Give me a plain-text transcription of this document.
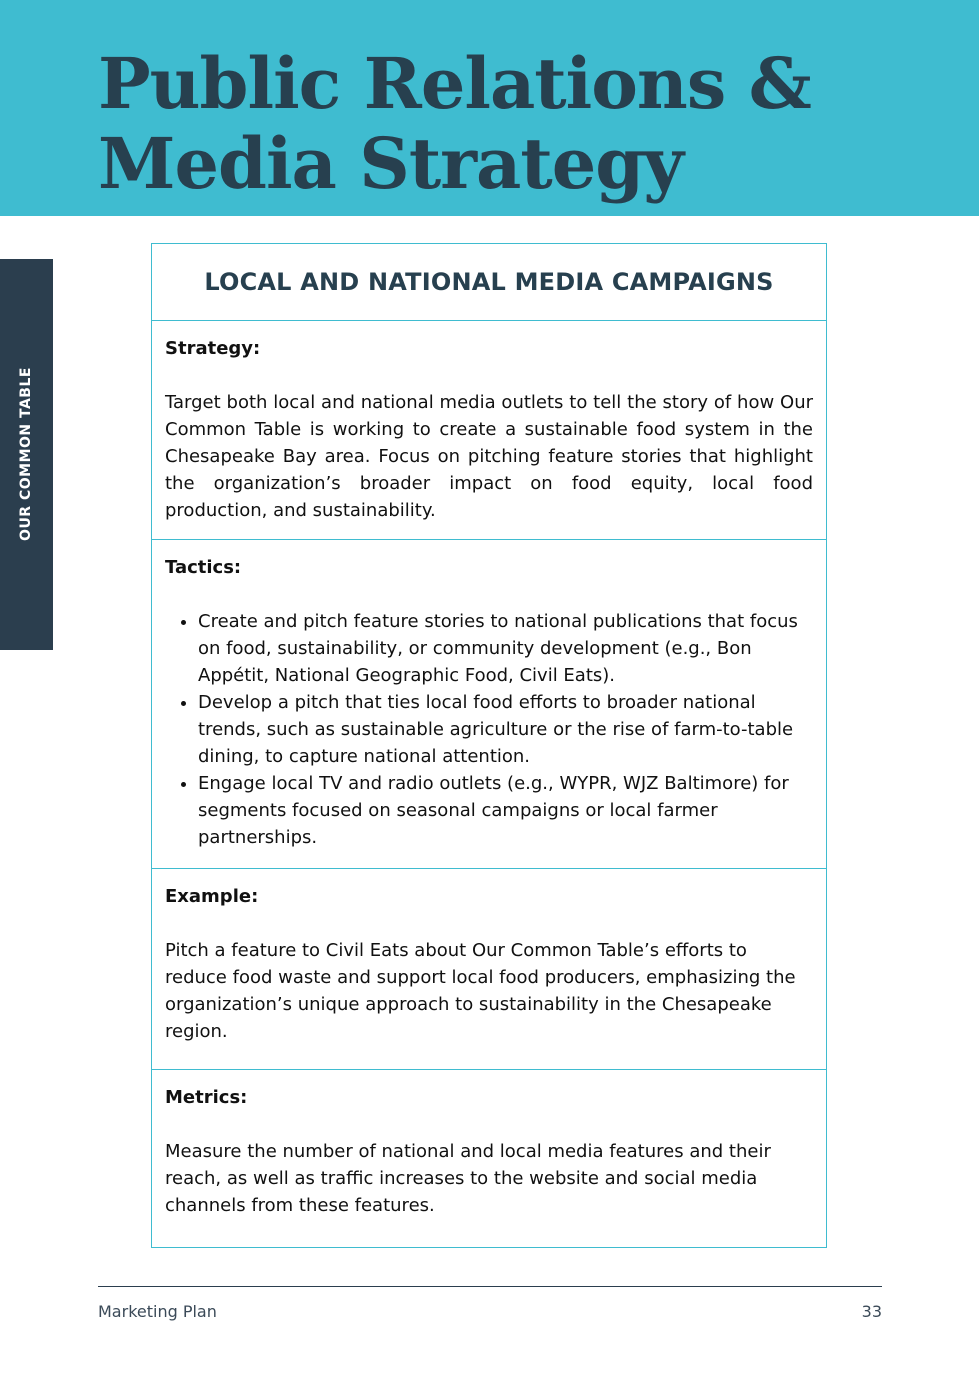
Public Relations &
Media Strategy
OUR COMMON TABLE
LOCAL AND NATIONAL MEDIA CAMPAIGNS
Strategy:
Target both local and national media outlets to tell the story of how Our Common Table is working to create a sustainable food system in the Chesapeake Bay area. Focus on pitching feature stories that highlight the organization’s broader impact on food equity, local food production, and sustainability.
Tactics:
• Create and pitch feature stories to national publications that focus on food, sustainability, or community development (e.g., Bon Appétit, National Geographic Food, Civil Eats).
• Develop a pitch that ties local food efforts to broader national trends, such as sustainable agriculture or the rise of farm-to-table dining, to capture national attention.
• Engage local TV and radio outlets (e.g., WYPR, WJZ Baltimore) for segments focused on seasonal campaigns or local farmer partnerships.
Example:
Pitch a feature to Civil Eats about Our Common Table’s efforts to reduce food waste and support local food producers, emphasizing the organization’s unique approach to sustainability in the Chesapeake region.
Metrics:
Measure the number of national and local media features and their reach, as well as traffic increases to the website and social media channels from these features.
Marketing Plan	33
